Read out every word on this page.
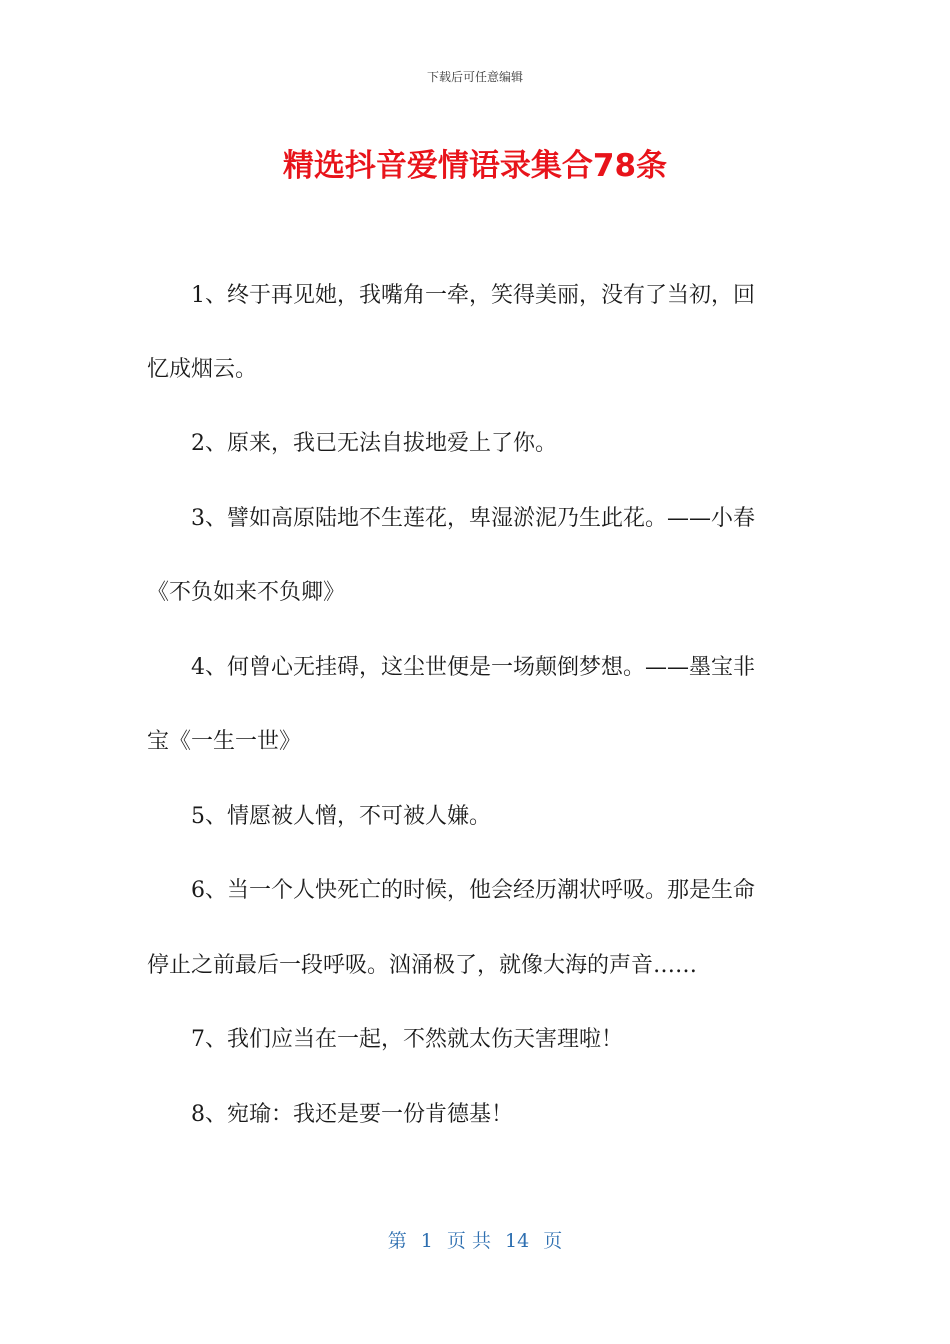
下载后可任意编辑
精选抖音爱情语录集合78条
1、终于再见她，我嘴角一牵，笑得美丽，没有了当初，回
忆成烟云。
2、原来，我已无法自拔地爱上了你。
3、譬如高原陆地不生莲花，卑湿淤泥乃生此花。——小春
《不负如来不负卿》
4、何曾心无挂碍，这尘世便是一场颠倒梦想。——墨宝非
宝《一生一世》
5、情愿被人憎，不可被人嫌。
6、当一个人快死亡的时候，他会经历潮状呼吸。那是生命
停止之前最后一段呼吸。汹涌极了，就像大海的声音……
7、我们应当在一起，不然就太伤天害理啦！
8、宛瑜：我还是要一份肯德基！
第 1 页 共 14 页
